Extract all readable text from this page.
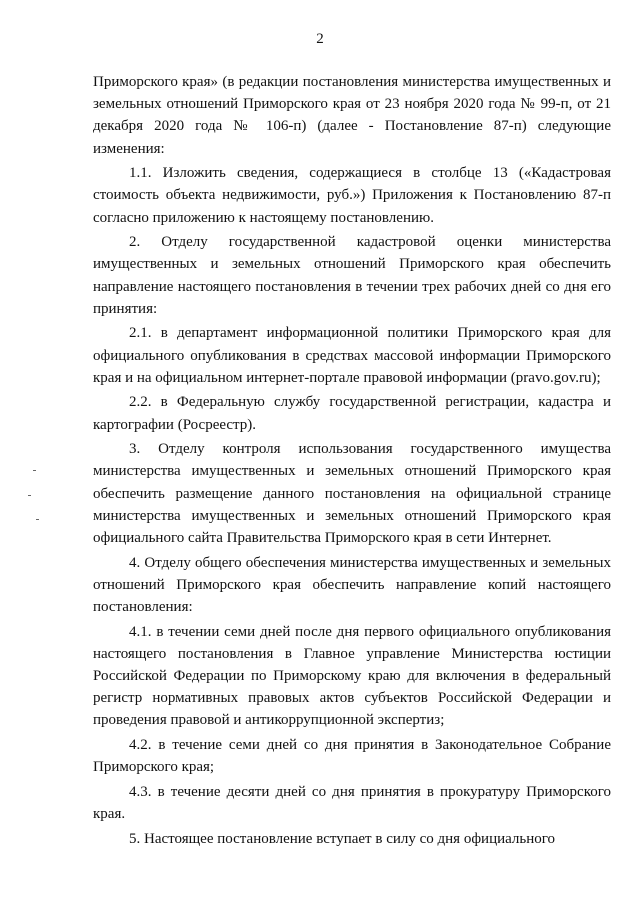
2

Приморского края» (в редакции постановления министерства имущественных и земельных отношений Приморского края от 23 ноября 2020 года № 99-п, от 21 декабря 2020 года № 106-п) (далее - Постановление 87-п) следующие изменения:

1.1. Изложить сведения, содержащиеся в столбце 13 («Кадастровая стоимость объекта недвижимости, руб.») Приложения к Постановлению 87-п согласно приложению к настоящему постановлению.

2. Отделу государственной кадастровой оценки министерства имущественных и земельных отношений Приморского края обеспечить направление настоящего постановления в течении трех рабочих дней со дня его принятия:

2.1. в департамент информационной политики Приморского края для официального опубликования в средствах массовой информации Приморского края и на официальном интернет-портале правовой информации (pravo.gov.ru);

2.2. в Федеральную службу государственной регистрации, кадастра и картографии (Росреестр).

3. Отделу контроля использования государственного имущества министерства имущественных и земельных отношений Приморского края обеспечить размещение данного постановления на официальной странице министерства имущественных и земельных отношений Приморского края официального сайта Правительства Приморского края в сети Интернет.

4. Отделу общего обеспечения министерства имущественных и земельных отношений Приморского края обеспечить направление копий настоящего постановления:

4.1. в течении семи дней после дня первого официального опубликования настоящего постановления в Главное управление Министерства юстиции Российской Федерации по Приморскому краю для включения в федеральный регистр нормативных правовых актов субъектов Российской Федерации и проведения правовой и антикоррупционной экспертиз;

4.2. в течение семи дней со дня принятия в Законодательное Собрание Приморского края;

4.3. в течение десяти дней со дня принятия в прокуратуру Приморского края.

5. Настоящее постановление вступает в силу со дня официального
